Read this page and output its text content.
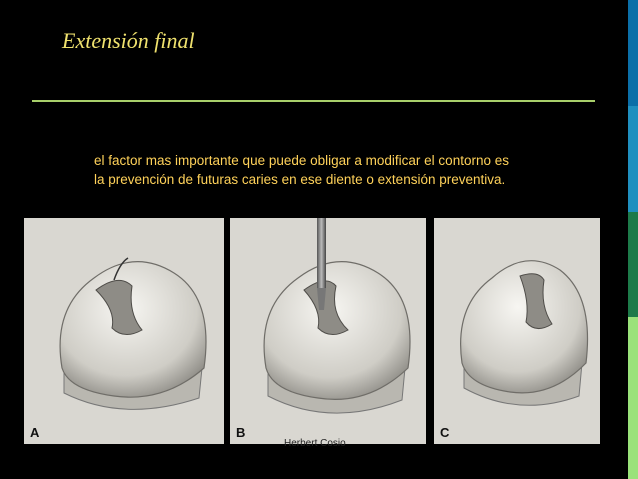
Extensión final
el factor mas importante que puede obligar a modificar el contorno es
la prevención de futuras caries en ese diente o extensión preventiva.
A	B	C
Herbert Cosio
